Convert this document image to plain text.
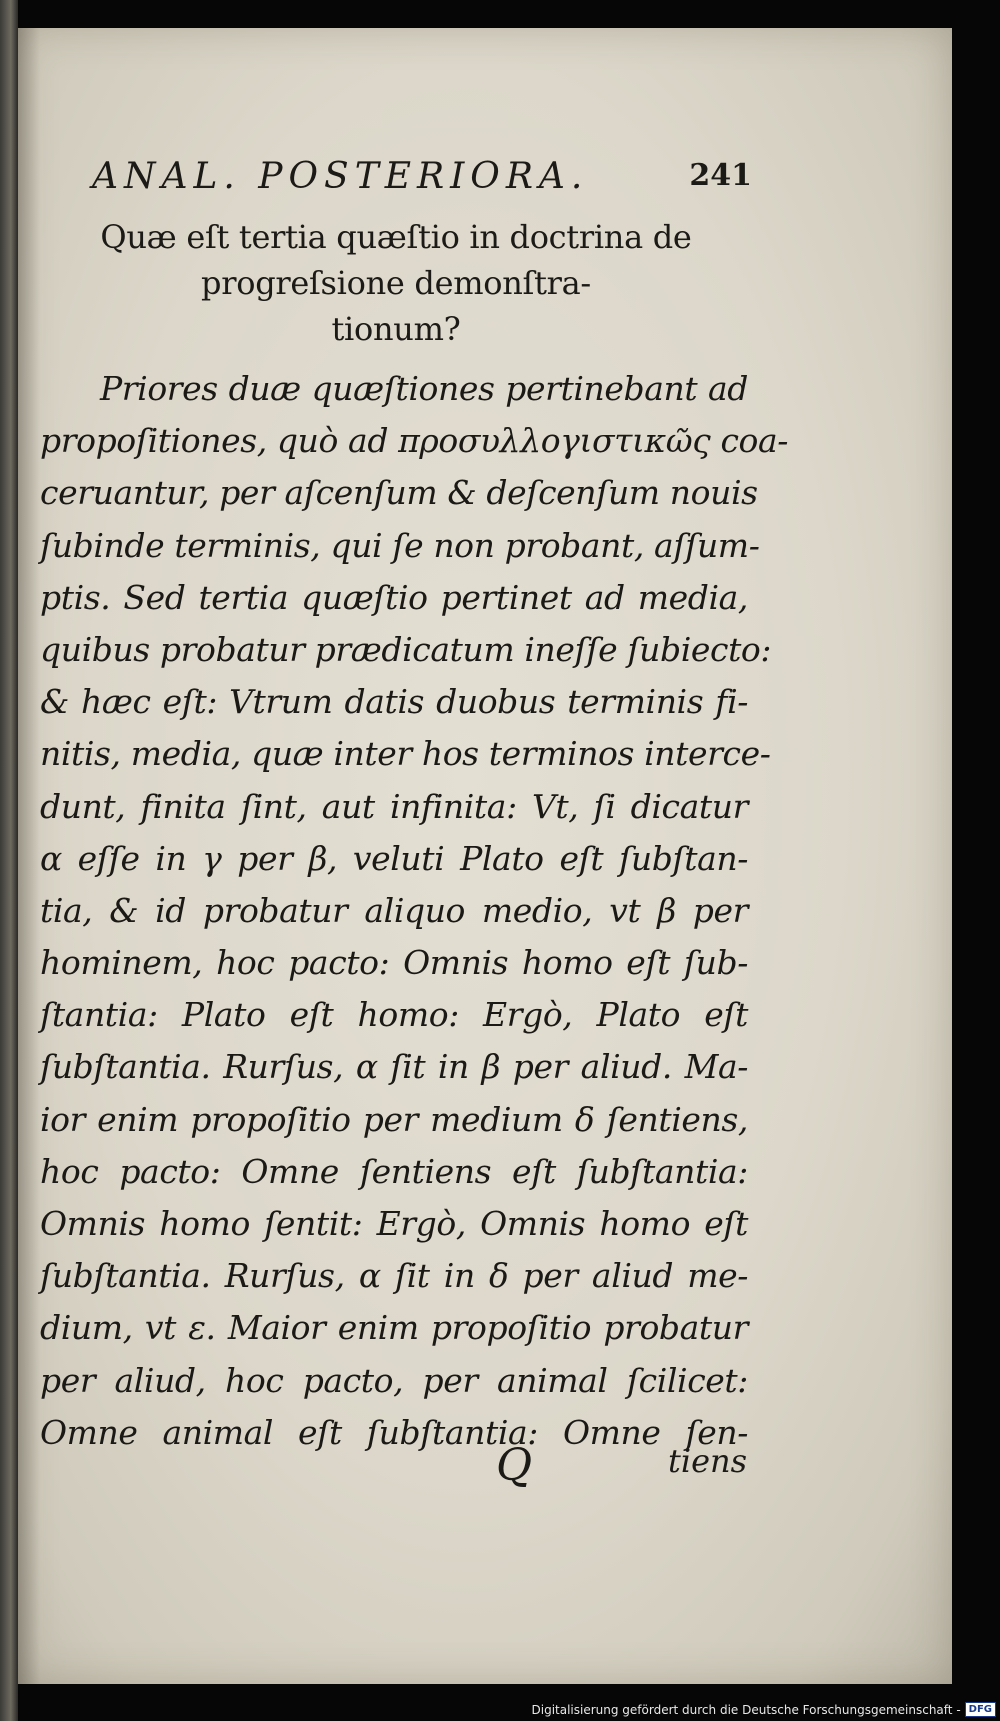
ANAL. POSTERIORA.	241
Quæ eſt tertia quæſtio in doctrina de
progreſsione demonſtra-
tionum?
Priores duæ quæſtiones pertinebant ad
propoſitiones, quò ad προσυλλογιστικῶς coa-
ceruantur, per aſcenſum & deſcenſum nouis
ſubinde terminis, qui ſe non probant, aſſum-
ptis. Sed tertia quæſtio pertinet ad media,
quibus probatur prædicatum ineſſe ſubiecto:
& hæc eſt: Vtrum datis duobus terminis fi-
nitis, media, quæ inter hos terminos interce-
dunt, finita ſint, aut infinita: Vt, ſi dicatur
α eſſe in γ per β, veluti Plato eſt ſubſtan-
tia, & id probatur aliquo medio, vt β per
hominem, hoc pacto: Omnis homo eſt ſub-
ſtantia: Plato eſt homo: Ergò, Plato eſt
ſubſtantia. Rurſus, α ſit in β per aliud. Ma-
ior enim propoſitio per medium δ ſentiens,
hoc pacto: Omne ſentiens eſt ſubſtantia:
Omnis homo ſentit: Ergò, Omnis homo eſt
ſubſtantia. Rurſus, α ſit in δ per aliud me-
dium, vt ε. Maior enim propoſitio probatur
per aliud, hoc pacto, per animal ſcilicet:
Omne animal eſt ſubſtantia: Omne ſen-
Q	tiens
Digitalisierung gefördert durch die Deutsche Forschungsgemeinschaft - DFG
